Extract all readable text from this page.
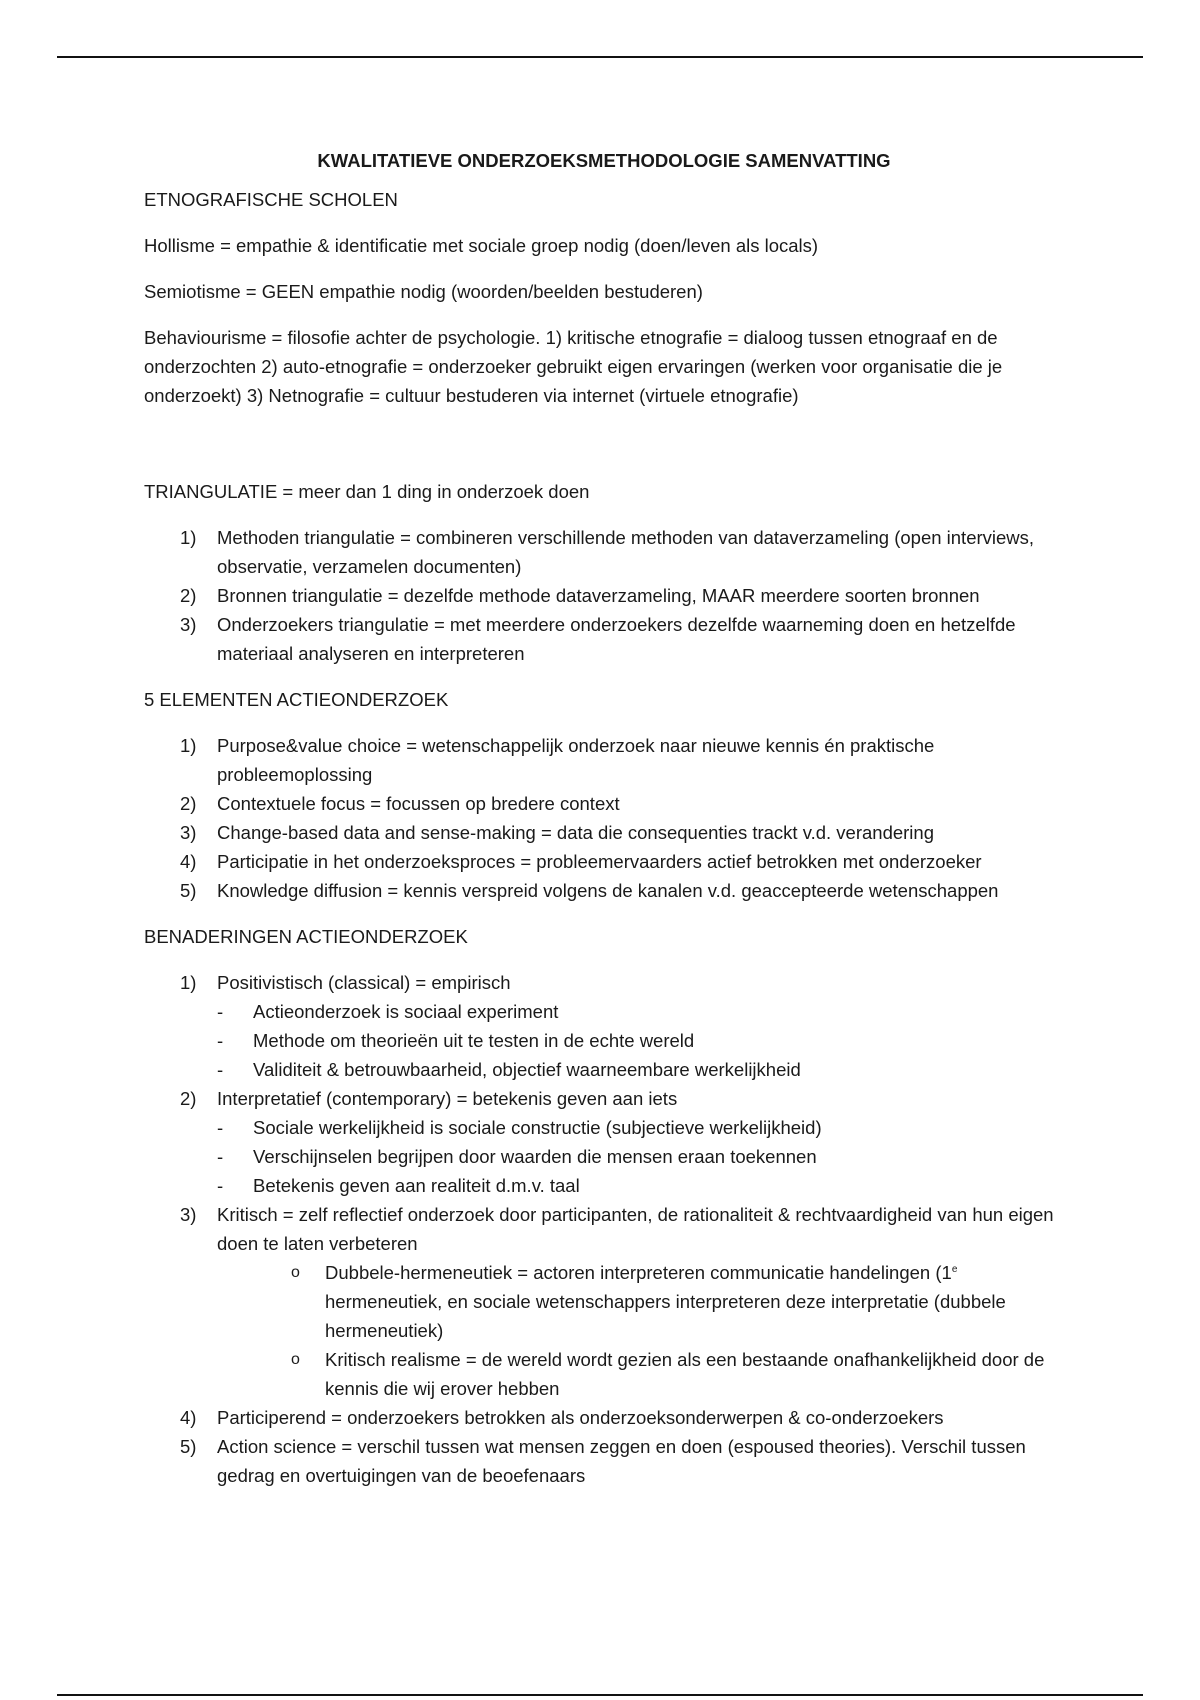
KWALITATIEVE ONDERZOEKSMETHODOLOGIE SAMENVATTING

ETNOGRAFISCHE SCHOLEN

Hollisme = empathie & identificatie met sociale groep nodig (doen/leven als locals)

Semiotisme = GEEN empathie nodig (woorden/beelden bestuderen)

Behaviourisme = filosofie achter de psychologie. 1) kritische etnografie = dialoog tussen etnograaf en de onderzochten 2) auto-etnografie = onderzoeker gebruikt eigen ervaringen (werken voor organisatie die je onderzoekt) 3) Netnografie = cultuur bestuderen via internet (virtuele etnografie)

TRIANGULATIE = meer dan 1 ding in onderzoek doen

1)	Methoden triangulatie = combineren verschillende methoden van dataverzameling (open interviews, observatie, verzamelen documenten)
2)	Bronnen triangulatie = dezelfde methode dataverzameling, MAAR meerdere soorten bronnen
3)	Onderzoekers triangulatie = met meerdere onderzoekers dezelfde waarneming doen en hetzelfde materiaal analyseren en interpreteren

5 ELEMENTEN ACTIEONDERZOEK

1)	Purpose&value choice = wetenschappelijk onderzoek naar nieuwe kennis én praktische probleemoplossing
2)	Contextuele focus = focussen op bredere context
3)	Change-based data and sense-making = data die consequenties trackt v.d. verandering
4)	Participatie in het onderzoeksproces = probleemervaarders actief betrokken met onderzoeker
5)	Knowledge diffusion = kennis verspreid volgens de kanalen v.d. geaccepteerde wetenschappen

BENADERINGEN ACTIEONDERZOEK

1)	Positivistisch (classical) = empirisch
- Actieonderzoek is sociaal experiment
- Methode om theorieën uit te testen in de echte wereld
- Validiteit & betrouwbaarheid, objectief waarneembare werkelijkheid
2)	Interpretatief (contemporary) = betekenis geven aan iets
- Sociale werkelijkheid is sociale constructie (subjectieve werkelijkheid)
- Verschijnselen begrijpen door waarden die mensen eraan toekennen
- Betekenis geven aan realiteit d.m.v. taal
3)	Kritisch = zelf reflectief onderzoek door participanten, de rationaliteit & rechtvaardigheid van hun eigen doen te laten verbeteren
o Dubbele-hermeneutiek = actoren interpreteren communicatie handelingen (1e hermeneutiek, en sociale wetenschappers interpreteren deze interpretatie (dubbele hermeneutiek)
o Kritisch realisme = de wereld wordt gezien als een bestaande onafhankelijkheid door de kennis die wij erover hebben
4)	Participerend = onderzoekers betrokken als onderzoeksonderwerpen & co-onderzoekers
5)	Action science = verschil tussen wat mensen zeggen en doen (espoused theories). Verschil tussen gedrag en overtuigingen van de beoefenaars
